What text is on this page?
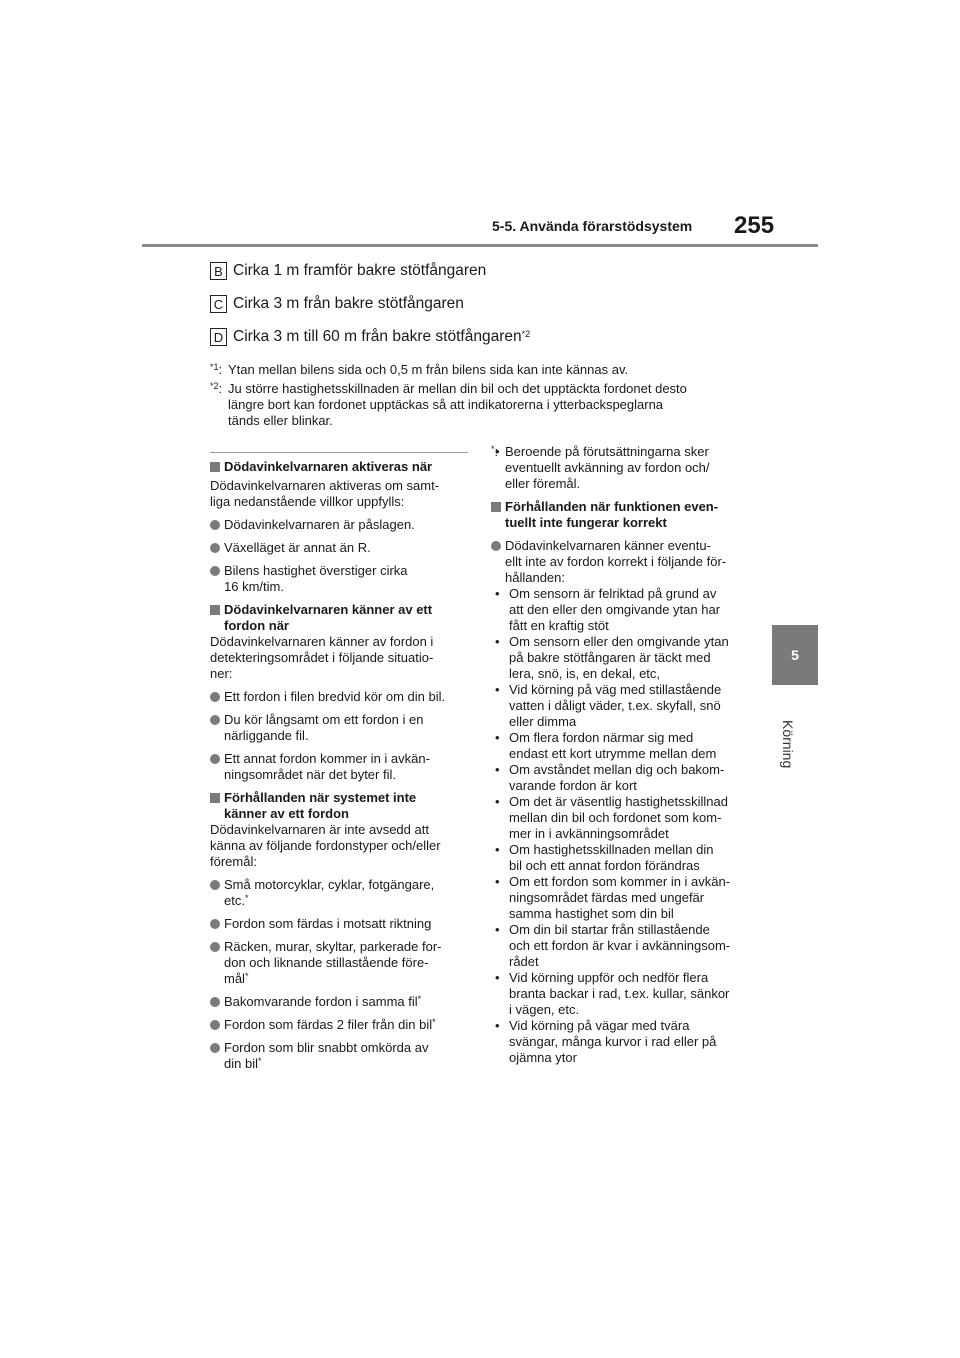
5-5. Använda förarstödsystem 255
5
Körning
B Cirka 1 m framför bakre stötfångaren
C Cirka 3 m från bakre stötfångaren
D Cirka 3 m till 60 m från bakre stötfångaren$^{*2}$
$^{*1}$: Ytan mellan bilens sida och 0,5 m från bilens sida kan inte kännas av.
$^{*2}$: Ju större hastighetsskillnaden är mellan din bil och det upptäckta fordonet desto
längre bort kan fordonet upptäckas så att indikatorerna i ytterbackspeglarna
tänds eller blinkar.

Dödavinkelvarnaren aktiveras när

Dödavinkelvarnaren aktiveras om samt-
liga nedanstående villkor uppfylls:

Dödavinkelvarnaren är påslagen.

Växelläget är annat än R.

Bilens hastighet överstiger cirka
16 km/tim.

Dödavinkelvarnaren känner av ett
fordon när

Dödavinkelvarnaren känner av fordon i
detekteringsområdet i följande situatio-
ner:

Ett fordon i filen bredvid kör om din bil.

Du kör långsamt om ett fordon i en
närliggande fil.

Ett annat fordon kommer in i avkän-
ningsområdet när det byter fil.

Förhållanden när systemet inte
känner av ett fordon

Dödavinkelvarnaren är inte avsedd att
känna av följande fordonstyper och/eller
föremål:

Små motorcyklar, cyklar, fotgängare,
etc.*

Fordon som färdas i motsatt riktning

Räcken, murar, skyltar, parkerade for-
don och liknande stillastående före-
mål*

Bakomvarande fordon i samma fil*

Fordon som färdas 2 filer från din bil*

Fordon som blir snabbt omkörda av
din bil*

• *: Beroende på förutsättningarna sker
eventuellt avkänning av fordon och/
eller föremål.

Förhållanden när funktionen even-
tuellt inte fungerar korrekt

Dödavinkelvarnaren känner eventu-
ellt inte av fordon korrekt i följande för-
hållanden:

• Om sensorn är felriktad på grund av
att den eller den omgivande ytan har
fått en kraftig stöt

• Om sensorn eller den omgivande ytan
på bakre stötfångaren är täckt med
lera, snö, is, en dekal, etc,

• Vid körning på väg med stillastående
vatten i dåligt väder, t.ex. skyfall, snö
eller dimma

• Om flera fordon närmar sig med
endast ett kort utrymme mellan dem

• Om avståndet mellan dig och bakom-
varande fordon är kort

• Om det är väsentlig hastighetsskillnad
mellan din bil och fordonet som kom-
mer in i avkänningsområdet

• Om hastighetsskillnaden mellan din
bil och ett annat fordon förändras

• Om ett fordon som kommer in i avkän-
ningsområdet färdas med ungefär
samma hastighet som din bil

• Om din bil startar från stillastående
och ett fordon är kvar i avkänningsom-
rådet

• Vid körning uppför och nedför flera
branta backar i rad, t.ex. kullar, sänkor
i vägen, etc.

• Vid körning på vägar med tvära
svängar, många kurvor i rad eller på
ojämna ytor
